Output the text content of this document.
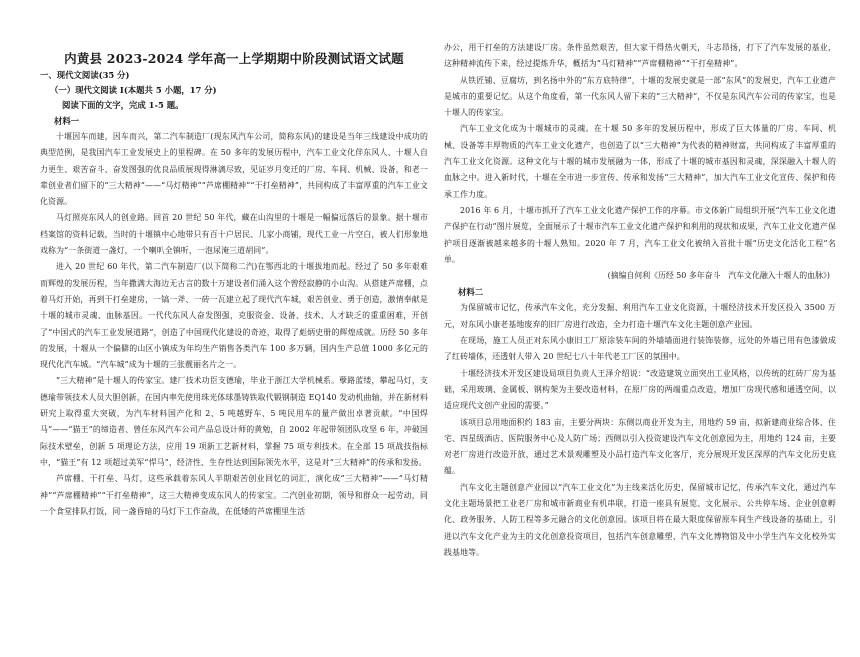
内黄县 2023-2024 学年高一上学期期中阶段测试语文试题
一、现代文阅读(35 分)
（一）现代文阅读 I(本题共 5 小题，17 分)
阅读下面的文字，完成 1-5 题。
材料一

十堰因车而建，因车而兴，第二汽车制造厂(现东风汽车公司，简称东风)的建设是当年三线建设中成功的典型范例，是我国汽车工业发展史上的里程碑。在 50 多年的发展历程中，汽车工业文化伴东风人、十堰人自力更生、艰苦奋斗、奋发图强的优良品质展现得淋漓尽致，见证岁月变迁的厂房、车间、机械、设备，和老一辈创业者们留下的“三大精神”——“马灯精神”“芦席棚精神”“干打垒精神”，共同构成了丰富厚重的汽车工业文化资源。

马灯照亮东风人的创业路。回首 20 世纪 50 年代，藏在山沟里的十堰是一幅偏远落后的景象。据十堰市档案馆的资料记载，当时的十堰镇中心地带只有百十户居民、几家小商铺，现代工业一片空白，被人们形象地戏称为“一条街道一盏灯，一个喇叭全镇听，一泡尿淹三道胡同”。

进入 20 世纪 60 年代，第二汽车制造厂(以下简称二汽)在鄂西北的十堰拔地而起。经过了 50 多年艰难而辉煌的发展历程，当年撒满大海边无古言的数十万建设者们涌入这个曾经寂静的小山沟。从搭建芦席棚，点着马灯开始，再到干打垒建房，一镐一斧、一砖一瓦建立起了现代汽车城，艰苦创业、勇于创造，激情奉献是十堰的城市灵魂、血脉基因。一代代东风人奋发图强，克服资金、设备、技术、人才缺乏的重重困难，开创了“中国式的汽车工业发展道路”，创造了中国现代化建设的奇迹，取得了彪炳史册的辉煌成就。历经 50 多年的发展，十堰从一个偏僻的山区小镇成为年均生产销售各类汽车 100 多万辆，国内生产总值 1000 多亿元的现代化汽车城。“汽车城”成为十堰的三张靓丽名片之一。

“三大精神”是十堰人的传家宝。建厂技术功臣支德瑜，毕业于浙江大学机械系。孽路蓝缕，攀起马灯，支德瑜带领技术人员大胆创新，在国内率先使用珠光体球墨铸铁取代锻钢制造 EQ140 发动机曲轴，并在新材料研究上取得重大突破，为汽车材料国产化和 2、5 吨越野车、5 吨民用车的量产做出卓著贡献。“中国焊马”——“猫王”的缔造者、曾任东风汽车公司产品总设计师的黄勉，自 2002 年起带领团队攻坚 6 年，冲破国际技术壁垒，创新 5 项理论方法，应用 19 项新工艺新材料，掌握 75 项专利技术。在全部 15 项战技指标中，“猫王”有 12 项超过美军“悍马”，经济性、生存性达到国际领先水平，这是对“三大精神”的传承和发扬。

芦席棚、干打垒、马灯，这些承载着东风人半期艰苦创业回忆的词汇，演化成“三大精神”——“马灯精神”“芦席棚精神”“干打垒精神”，这三大精神变成东风人的传家宝。二汽创业初期，领导和群众一起劳动，同一个食堂排队打饭，同一盏昏暗的马灯下工作奋战，在低矮的芦席棚里生活

办公，用干打垒的方法建设厂房。条件虽然艰苦，但大家干得热火朝天，斗志昂扬，打下了汽车发展的基业，这种精神流传下来，经过提炼升华，概括为“马灯精神”“芦席棚精神”“干打垒精神”。

从铁匠铺、豆腐坊，到名扬中外的“东方底特律”，十堰的发展史就是一部“东风”的发展史，汽车工业遗产是城市的重要记忆。从这个角度看，第一代东风人留下来的“三大精神”，不仅是东风汽车公司的传家宝，也是十堰人的传家宝。

汽车工业文化成为十堰城市的灵魂。在十堰 50 多年的发展历程中，形成了巨大体量的厂房、车间、机械、设备等丰厚物质的汽车工业文化遗产，也创造了以“三大精神”为代表的精神财富，共同构成了丰富厚重的汽车工业文化资源。这种文化与十堰的城市发展融为一体，形成了十堰的城市基因和灵魂，深深融入十堰人的血脉之中。进入新时代，十堰在全市进一步宣传、传承和发扬“三大精神”，加大汽车工业文化宣传、保护和传承工作力度。

2016 年 6 月，十堰市抓开了汽车工业文化遗产保护工作的序幕。市文体新广局组织开展“汽车工业文化遗产保护在行动”图片展览，全面展示了十堰市汽车工业文化遗产保护和利用的现状和成果，汽车工业文化遗产保护项目逐渐被越来越多的十堰人熟知。2020 年 7 月，汽车工业文化被纳入首批十堰“历史文化活化工程”名单。

(摘编自何利《历经 50 多年奋斗　汽车文化融入十堰人的血脉》)

材料二

为保留城市记忆，传承汽车文化，充分发掘、利用汽车工业文化资源，十堰经济技术开发区投入 3500 万元，对东风小康老基地废弃的旧厂房进行改造，全力打造十堰汽车文化主题创意产业园。

在现场，施工人员正对东风小康旧工厂原涂装车间的外墙墙面进行装饰装修，远处的外墙已用有色漆做成了红砖墙体，还透射人带入 20 世纪七八十年代老工厂区的氛围中。

十堰经济技术开发区建设局项目负责人王泽介绍说：“改造建筑立面突出工业风格，以传统的红砖厂房为基础，采用玻璃、金属板、钢构架为主要改造材料，在原厂房的两端重点改造，增加厂房现代感和通透空间，以适应现代文创产业园的需要。”

该项目总用地面积约 183 亩，主要分两块：东侧以商业开发为主，用地约 59 亩，拟新建商业综合体、住宅、四星级酒店、医院服务中心及人防广场；西侧以引入投资建设汽车文化创意园为主，用地约 124 亩，主要对老厂房进行改造开放，通过艺术景观雕塑及小品打造汽车文化客厅，充分展现开发区深厚的汽车文化历史底蕴。

汽车文化主题创意产业园以“汽车工业文化”为主线来活化历史，保留城市记忆，传承汽车文化，通过汽车文化主题场景把工业老厂房和城市新商业有机串联，打造一座具有展览、文化展示、公共停车场、企业创意孵化、政务服务、人防工程等多元融合的文化创意园。该项目将在最大限度保留原车间生产线设备的基础上，引进以汽车文化产业为主的文化创意投资项目，包括汽车创意雕塑、汽车文化博物馆及中小学生汽车文化校外实践基地等。
